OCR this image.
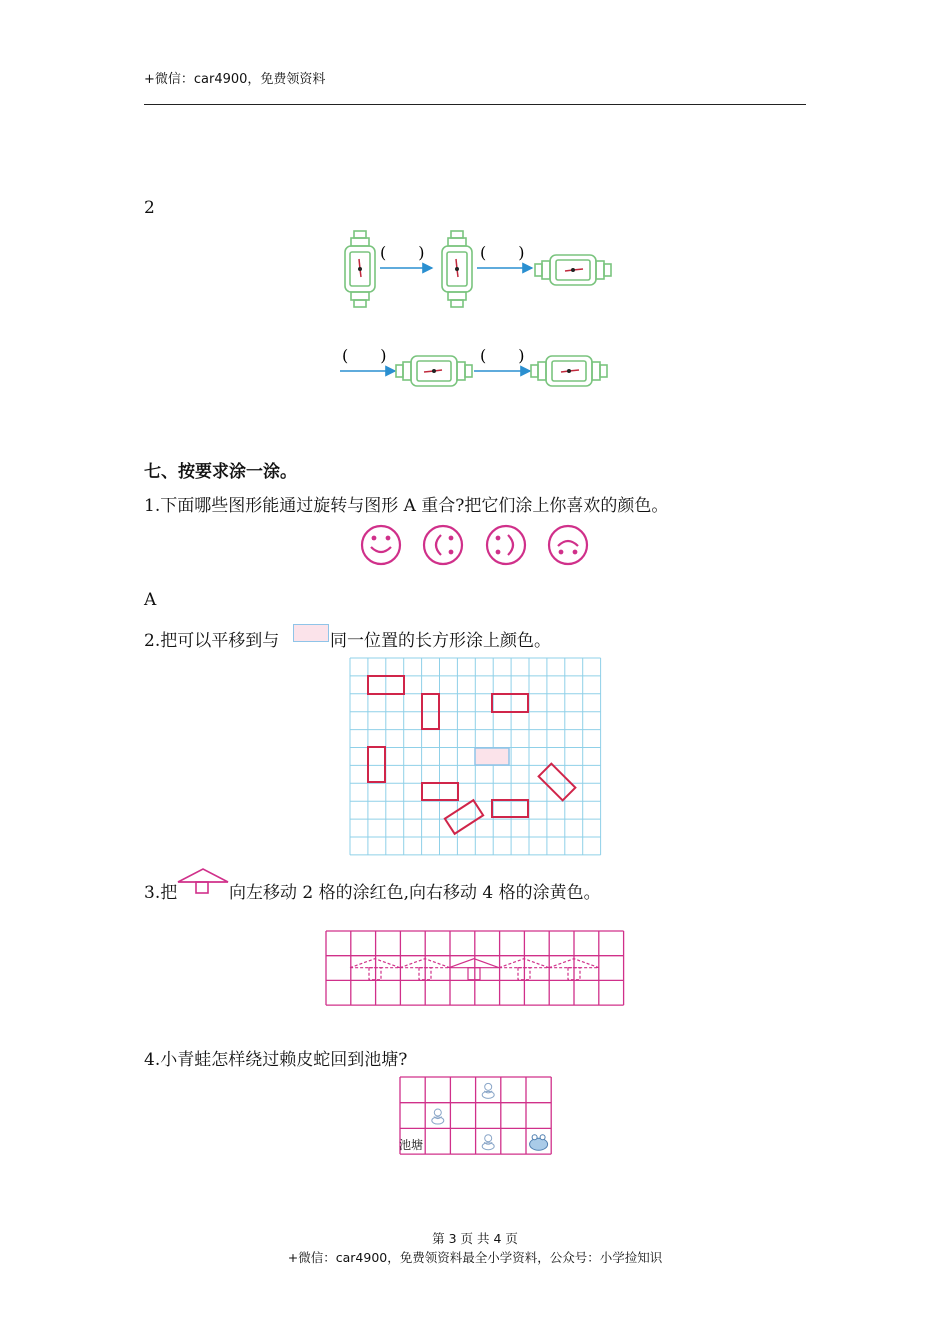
+微信：car4900，免费领资料
2
(　　)	(　　)
(　　)	(　　)
七、按要求涂一涂。
1.下面哪些图形能通过旋转与图形 A 重合?把它们涂上你喜欢的颜色。
A
2.把可以平移到与	同一位置的长方形涂上颜色。
3.把	向左移动 2 格的涂红色,向右移动 4 格的涂黄色。
4.小青蛙怎样绕过赖皮蛇回到池塘?
池塘
第 3 页 共 4 页
+微信：car4900，免费领资料最全小学资料，公众号：小学捡知识
